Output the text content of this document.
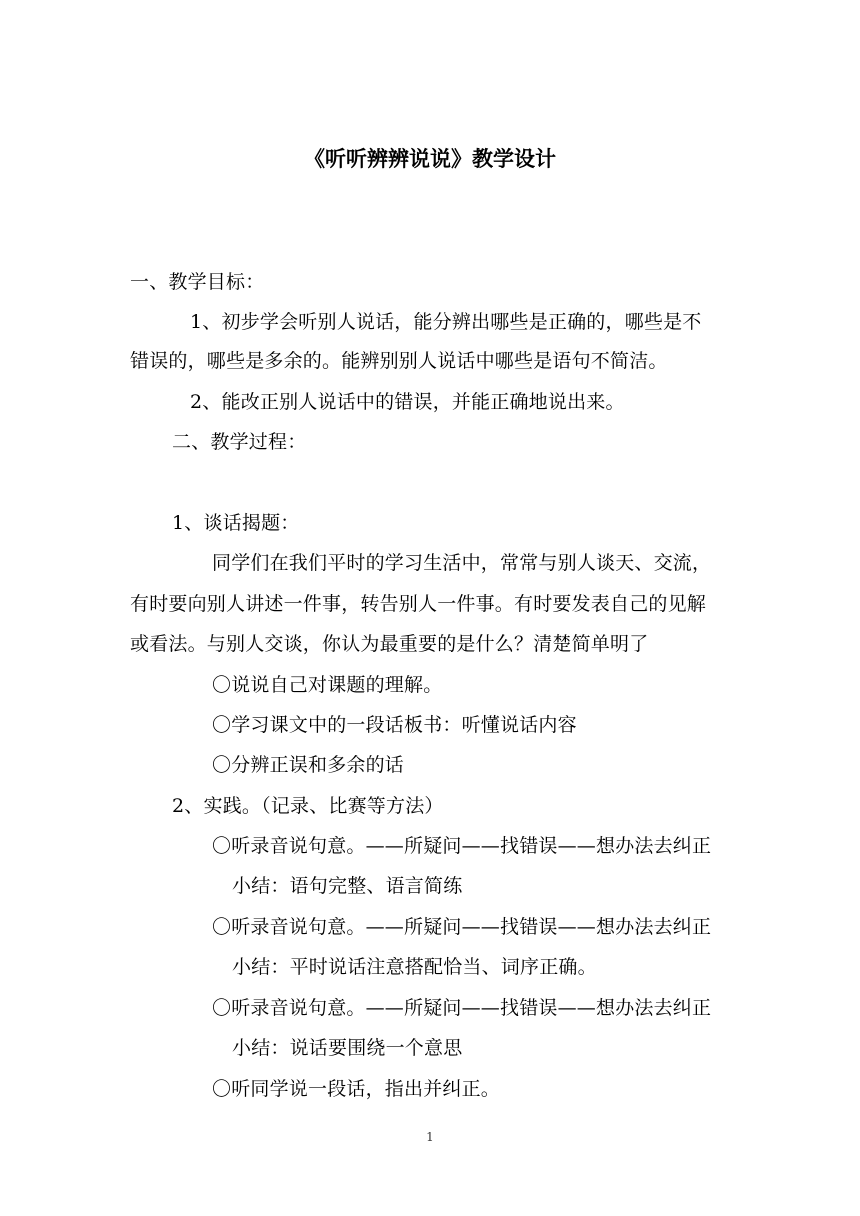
《听听辨辨说说》教学设计
一、教学目标：
1、初步学会听别人说话，能分辨出哪些是正确的，哪些是不
错误的，哪些是多余的。能辨别别人说话中哪些是语句不简洁。
2、能改正别人说话中的错误，并能正确地说出来。
二、教学过程：
1、谈话揭题：
同学们在我们平时的学习生活中，常常与别人谈天、交流，
有时要向别人讲述一件事，转告别人一件事。有时要发表自己的见解
或看法。与别人交谈，你认为最重要的是什么？清楚简单明了
〇说说自己对课题的理解。
〇学习课文中的一段话板书：听懂说话内容
〇分辨正误和多余的话
2、实践。（记录、比赛等方法）
〇听录音说句意。——所疑问——找错误——想办法去纠正
小结：语句完整、语言简练
〇听录音说句意。——所疑问——找错误——想办法去纠正
小结：平时说话注意搭配恰当、词序正确。
〇听录音说句意。——所疑问——找错误——想办法去纠正
小结：说话要围绕一个意思
〇听同学说一段话，指出并纠正。
1
